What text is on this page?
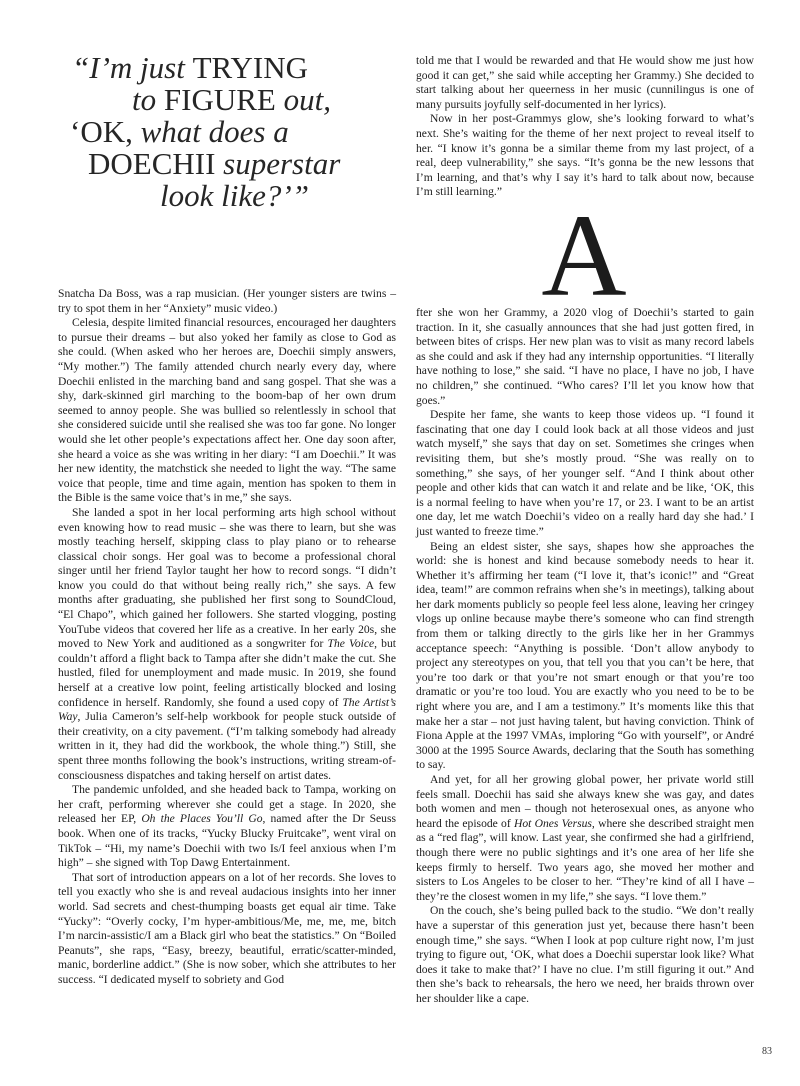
“I’m just TRYING
to FIGURE out,
‘OK, what does a
DOECHII superstar
look like?’”

told me that I would be rewarded and that He would show me just how good it can get,” she said while accepting her Grammy.) She decided to start talking about her queerness in her music (cunnilingus is one of many pursuits joyfully self-documented in her lyrics).

Now in her post-Grammys glow, she’s looking forward to what’s next. She’s waiting for the theme of her next project to reveal itself to her. “I know it’s gonna be a similar theme from my last project, of a real, deep vulnerability,” she says. “It’s gonna be the new lessons that I’m learning, and that’s why I say it’s hard to talk about now, because I’m still learning.” A

Snatcha Da Boss, was a rap musician. (Her younger sisters are twins – try to spot them in her “Anxiety” music video.)

Celesia, despite limited financial resources, encouraged her daughters to pursue their dreams – but also yoked her family as close to God as she could. (When asked who her heroes are, Doechii simply answers, “My mother.”) The family attended church nearly every day, where Doechii enlisted in the marching band and sang gospel. That she was a shy, dark-skinned girl marching to the boom-bap of her own drum seemed to annoy people. She was bullied so relentlessly in school that she considered suicide until she realised she was too far gone. No longer would she let other people’s expectations affect her. One day soon after, she heard a voice as she was writing in her diary: “I am Doechii.” It was her new identity, the matchstick she needed to light the way. “The same voice that people, time and time again, mention has spoken to them in the Bible is the same voice that’s in me,” she says.

She landed a spot in her local performing arts high school without even knowing how to read music – she was there to learn, but she was mostly teaching herself, skipping class to play piano or to rehearse classical choir songs. Her goal was to become a professional choral singer until her friend Taylor taught her how to record songs. “I didn’t know you could do that without being really rich,” she says. A few months after graduating, she published her first song to SoundCloud, “El Chapo”, which gained her followers. She started vlogging, posting YouTube videos that covered her life as a creative. In her early 20s, she moved to New York and auditioned as a songwriter for The Voice, but couldn’t afford a flight back to Tampa after she didn’t make the cut. She hustled, filed for unemployment and made music. In 2019, she found herself at a creative low point, feeling artistically blocked and losing confidence in herself. Randomly, she found a used copy of The Artist’s Way, Julia Cameron’s self-help workbook for people stuck outside of their creativity, on a city pavement. (“I’m talking somebody had already written in it, they had did the workbook, the whole thing.”) Still, she spent three months following the book’s instructions, writing stream-of-consciousness dispatches and taking herself on artist dates.

The pandemic unfolded, and she headed back to Tampa, working on her craft, performing wherever she could get a stage. In 2020, she released her EP, Oh the Places You’ll Go, named after the Dr Seuss book. When one of its tracks, “Yucky Blucky Fruitcake”, went viral on TikTok – “Hi, my name’s Doechii with two Is/I feel anxious when I’m high” – she signed with Top Dawg Entertainment.

That sort of introduction appears on a lot of her records. She loves to tell you exactly who she is and reveal audacious insights into her inner world. Sad secrets and chest-thumping boasts get equal air time. Take “Yucky”: “Overly cocky, I’m hyper-ambitious/Me, me, me, me, bitch I’m narcin-assistic/I am a Black girl who beat the statistics.” On “Boiled Peanuts”, she raps, “Easy, breezy, beautiful, erratic/scatter-minded, manic, borderline addict.” (She is now sober, which she attributes to her success. “I dedicated myself to sobriety and God

fter she won her Grammy, a 2020 vlog of Doechii’s started to gain traction. In it, she casually announces that she had just gotten fired, in between bites of crisps. Her new plan was to visit as many record labels as she could and ask if they had any internship opportunities. “I literally have nothing to lose,” she said. “I have no place, I have no job, I have no children,” she continued. “Who cares? I’ll let you know how that goes.”

Despite her fame, she wants to keep those videos up. “I found it fascinating that one day I could look back at all those videos and just watch myself,” she says that day on set. Sometimes she cringes when revisiting them, but she’s mostly proud. “She was really on to something,” she says, of her younger self. “And I think about other people and other kids that can watch it and relate and be like, ‘OK, this is a normal feeling to have when you’re 17, or 23. I want to be an artist one day, let me watch Doechii’s video on a really hard day she had.’ I just wanted to freeze time.”

Being an eldest sister, she says, shapes how she approaches the world: she is honest and kind because somebody needs to hear it. Whether it’s affirming her team (“I love it, that’s iconic!” and “Great idea, team!” are common refrains when she’s in meetings), talking about her dark moments publicly so people feel less alone, leaving her cringey vlogs up online because maybe there’s someone who can find strength from them or talking directly to the girls like her in her Grammys acceptance speech: “Anything is possible. ‘Don’t allow anybody to project any stereotypes on you, that tell you that you can’t be here, that you’re too dark or that you’re not smart enough or that you’re too dramatic or you’re too loud. You are exactly who you need to be to be right where you are, and I am a testimony.” It’s moments like this that make her a star – not just having talent, but having conviction. Think of Fiona Apple at the 1997 VMAs, imploring “Go with yourself”, or André 3000 at the 1995 Source Awards, declaring that the South has something to say.

And yet, for all her growing global power, her private world still feels small. Doechii has said she always knew she was gay, and dates both women and men – though not heterosexual ones, as anyone who heard the episode of Hot Ones Versus, where she described straight men as a “red flag”, will know. Last year, she confirmed she had a girlfriend, though there were no public sightings and it’s one area of her life she keeps firmly to herself. Two years ago, she moved her mother and sisters to Los Angeles to be closer to her. “They’re kind of all I have – they’re the closest women in my life,” she says. “I love them.”

On the couch, she’s being pulled back to the studio. “We don’t really have a superstar of this generation just yet, because there hasn’t been enough time,” she says. “When I look at pop culture right now, I’m just trying to figure out, ‘OK, what does a Doechii superstar look like? What does it take to make that?’ I have no clue. I’m still figuring it out.” And then she’s back to rehearsals, the hero we need, her braids thrown over her shoulder like a cape.

83
